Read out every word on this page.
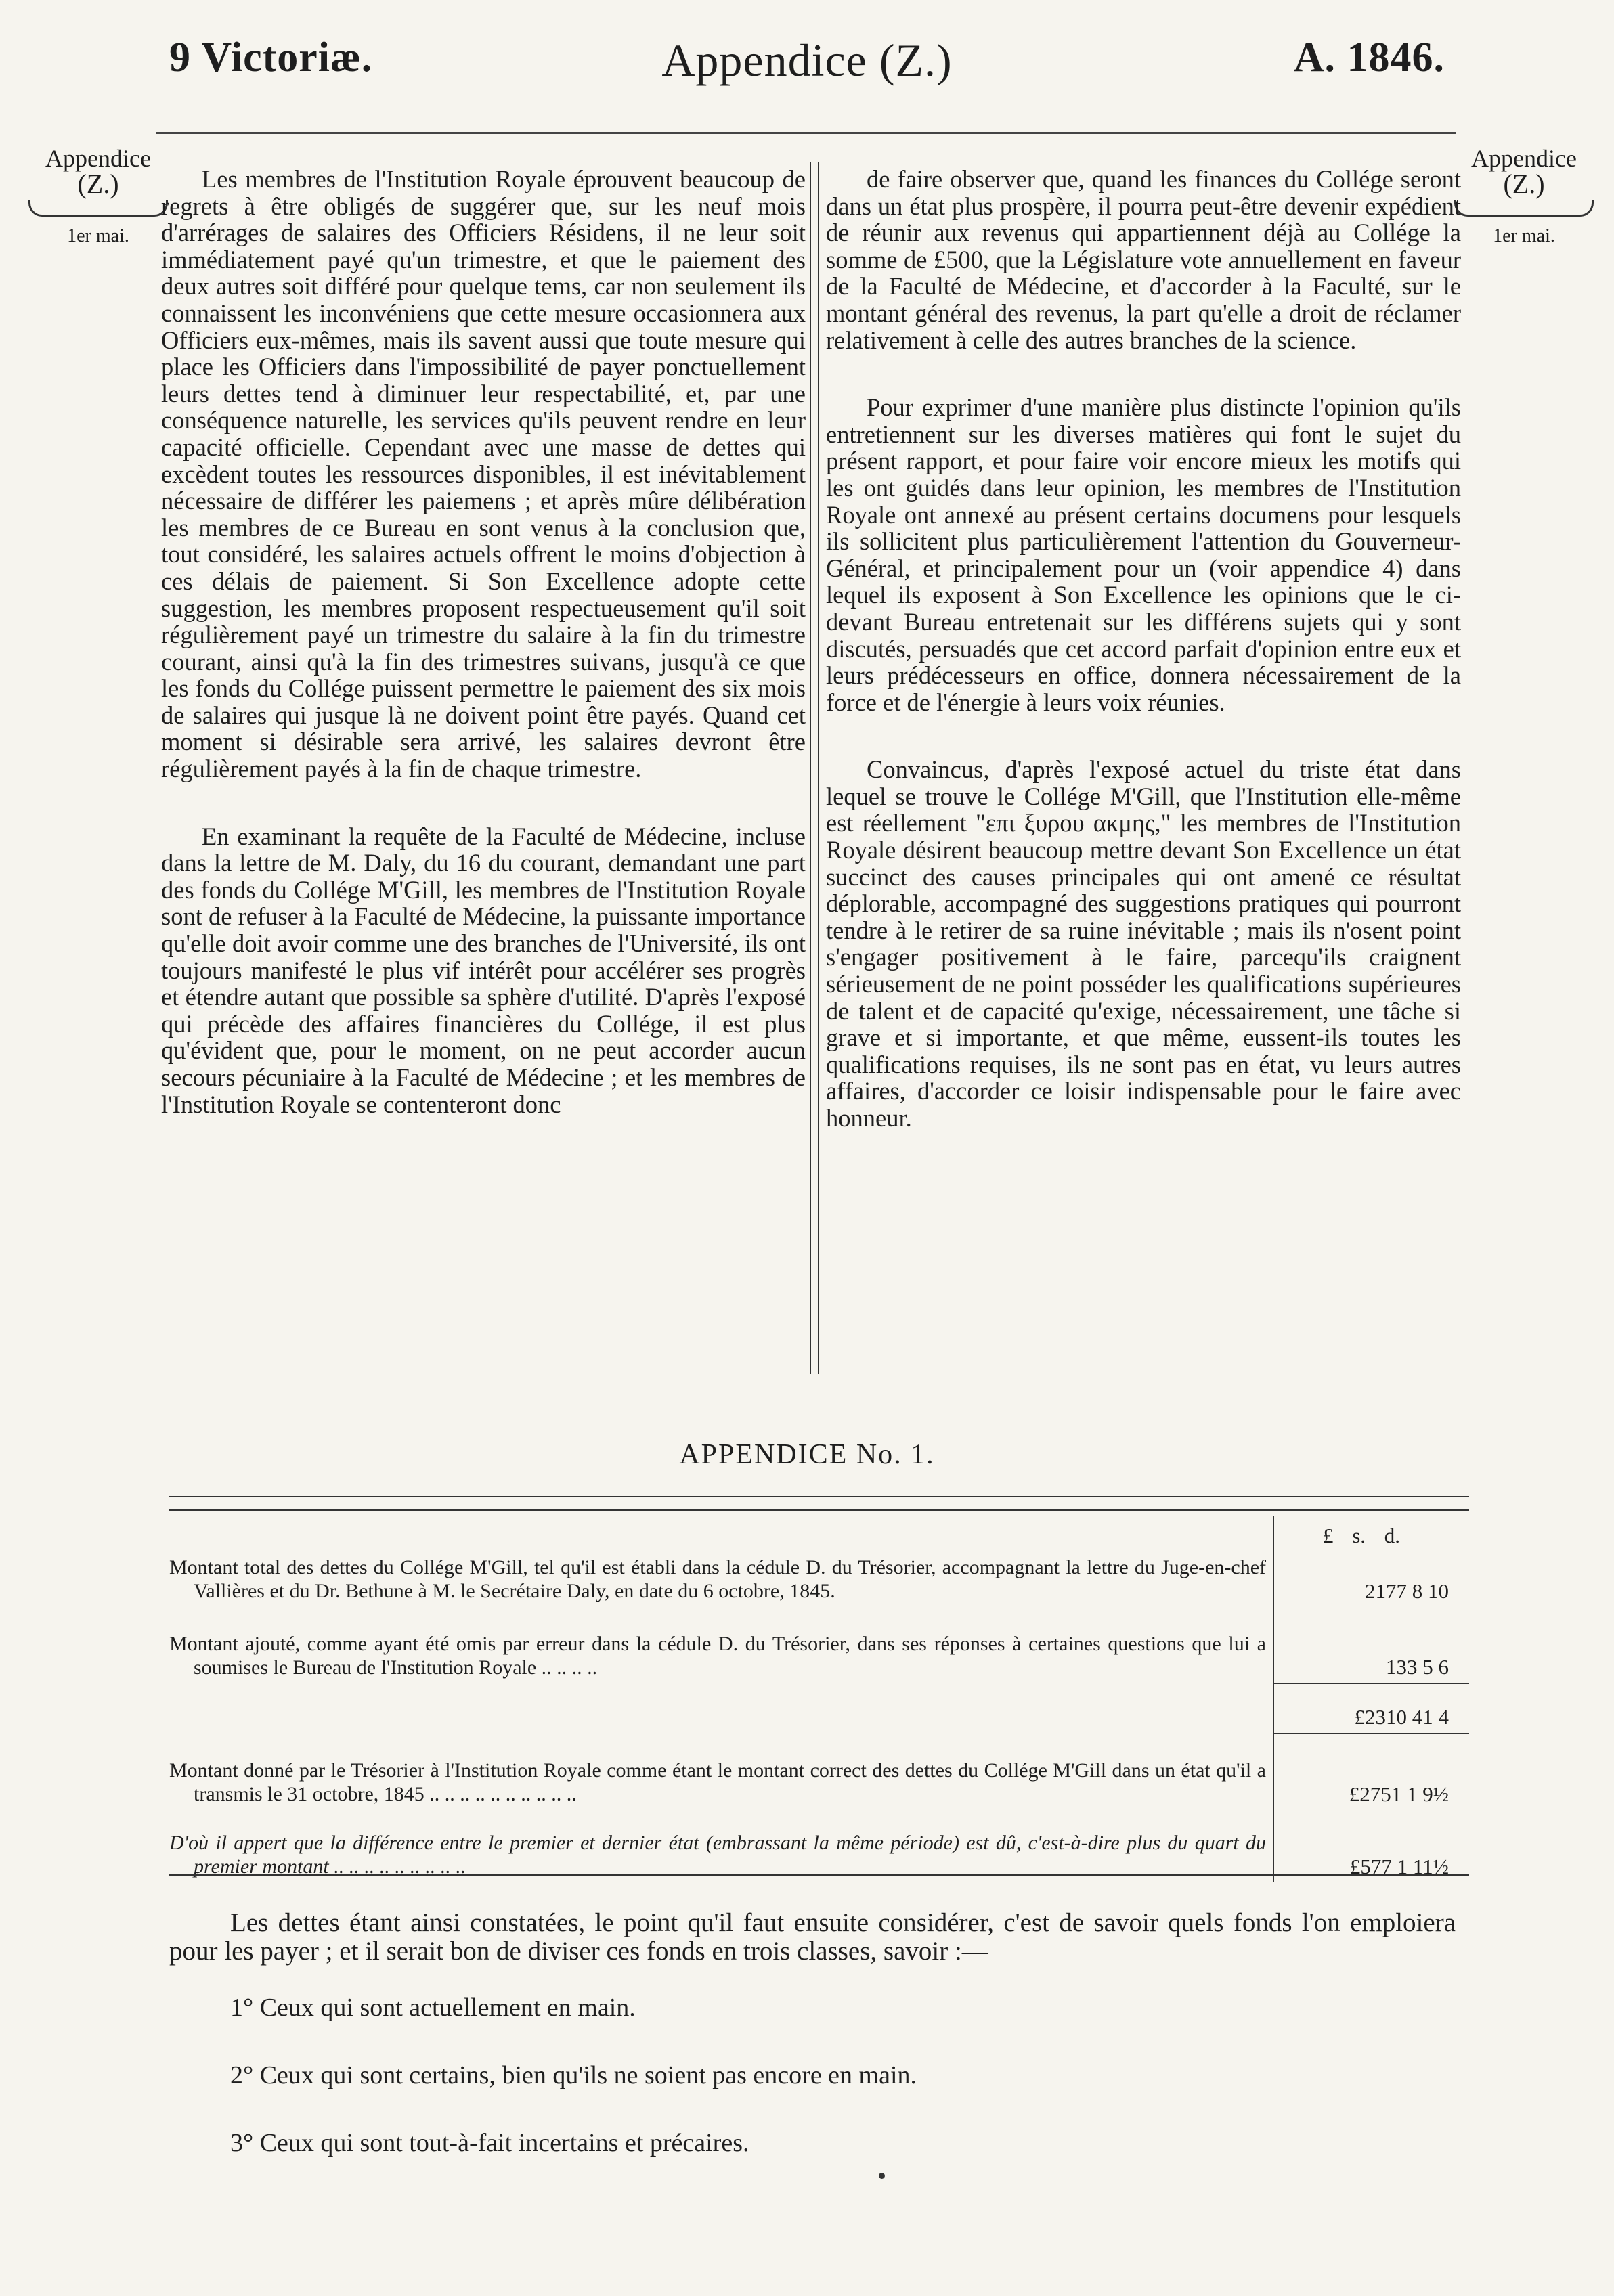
9 Victoriæ.	Appendice (Z.)	A. 1846.
Appendice
(Z.)
1er mai.
Appendice
(Z.)
1er mai.

Les membres de l'Institution Royale éprouvent beaucoup de regrets à être obligés de suggérer que, sur les neuf mois d'arrérages de salaires des Officiers Résidens, il ne leur soit immédiatement payé qu'un trimestre, et que le paiement des deux autres soit différé pour quelque tems, car non seulement ils connaissent les inconvéniens que cette mesure occasionnera aux Officiers eux-mêmes, mais ils savent aussi que toute mesure qui place les Officiers dans l'impossibilité de payer ponctuellement leurs dettes tend à diminuer leur respectabilité, et, par une conséquence naturelle, les services qu'ils peuvent rendre en leur capacité officielle. Cependant avec une masse de dettes qui excèdent toutes les ressources disponibles, il est inévitablement nécessaire de différer les paiemens ; et après mûre délibération les membres de ce Bureau en sont venus à la conclusion que, tout considéré, les salaires actuels offrent le moins d'objection à ces délais de paiement. Si Son Excellence adopte cette suggestion, les membres proposent respectueusement qu'il soit régulièrement payé un trimestre du salaire à la fin du trimestre courant, ainsi qu'à la fin des trimestres suivans, jusqu'à ce que les fonds du Collége puissent permettre le paiement des six mois de salaires qui jusque là ne doivent point être payés. Quand cet moment si désirable sera arrivé, les salaires devront être régulièrement payés à la fin de chaque trimestre.

En examinant la requête de la Faculté de Médecine, incluse dans la lettre de M. Daly, du 16 du courant, demandant une part des fonds du Collége M'Gill, les membres de l'Institution Royale sont de refuser à la Faculté de Médecine, la puissante importance qu'elle doit avoir comme une des branches de l'Université, ils ont toujours manifesté le plus vif intérêt pour accélérer ses progrès et étendre autant que possible sa sphère d'utilité. D'après l'exposé qui précède des affaires financières du Collége, il est plus qu'évident que, pour le moment, on ne peut accorder aucun secours pécuniaire à la Faculté de Médecine ; et les membres de l'Institution Royale se contenteront donc

de faire observer que, quand les finances du Collége seront dans un état plus prospère, il pourra peut-être devenir expédient de réunir aux revenus qui appartiennent déjà au Collége la somme de £500, que la Législature vote annuellement en faveur de la Faculté de Médecine, et d'accorder à la Faculté, sur le montant général des revenus, la part qu'elle a droit de réclamer relativement à celle des autres branches de la science.

Pour exprimer d'une manière plus distincte l'opinion qu'ils entretiennent sur les diverses matières qui font le sujet du présent rapport, et pour faire voir encore mieux les motifs qui les ont guidés dans leur opinion, les membres de l'Institution Royale ont annexé au présent certains documens pour lesquels ils sollicitent plus particulièrement l'attention du Gouverneur-Général, et principalement pour un (voir appendice 4) dans lequel ils exposent à Son Excellence les opinions que le ci-devant Bureau entretenait sur les différens sujets qui y sont discutés, persuadés que cet accord parfait d'opinion entre eux et leurs prédécesseurs en office, donnera nécessairement de la force et de l'énergie à leurs voix réunies.

Convaincus, d'après l'exposé actuel du triste état dans lequel se trouve le Collége M'Gill, que l'Institution elle-même est réellement "επι ξυρου ακμης," les membres de l'Institution Royale désirent beaucoup mettre devant Son Excellence un état succinct des causes principales qui ont amené ce résultat déplorable, accompagné des suggestions pratiques qui pourront tendre à le retirer de sa ruine inévitable ; mais ils n'osent point s'engager positivement à le faire, parcequ'ils craignent sérieusement de ne point posséder les qualifications supérieures de talent et de capacité qu'exige, nécessairement, une tâche si grave et si importante, et que même, eussent-ils toutes les qualifications requises, ils ne sont pas en état, vu leurs autres affaires, d'accorder ce loisir indispensable pour le faire avec honneur.

APPENDICE No. 1.
	£ s. d.

Montant total des dettes du Collége M'Gill, tel qu'il est établi dans la cédule D. du Trésorier, accompagnant la lettre du Juge-en-chef Vallières et du Dr. Bethune à M. le Secrétaire Daly, en date du 6 octobre, 1845.	2177 8 10

Montant ajouté, comme ayant été omis par erreur dans la cédule D. du Trésorier, dans ses réponses à certaines questions que lui a soumises le Bureau de l'Institution Royale .. .. .. ..	133 5 6

	£2310 41 4

Montant donné par le Trésorier à l'Institution Royale comme étant le montant correct des dettes du Collége M'Gill dans un état qu'il a transmis le 31 octobre, 1845 .. .. .. .. .. .. .. .. .. ..	£2751 1 9½

D'où il appert que la différence entre le premier et dernier état (embrassant la même période) est dû, c'est-à-dire plus du quart du premier montant .. .. .. .. .. .. .. .. ..	£577 1 11½
Les dettes étant ainsi constatées, le point qu'il faut ensuite considérer, c'est de savoir quels fonds l'on emploiera pour les payer ; et il serait bon de diviser ces fonds en trois classes, savoir :—
1° Ceux qui sont actuellement en main.
2° Ceux qui sont certains, bien qu'ils ne soient pas encore en main.
3° Ceux qui sont tout-à-fait incertains et précaires.
